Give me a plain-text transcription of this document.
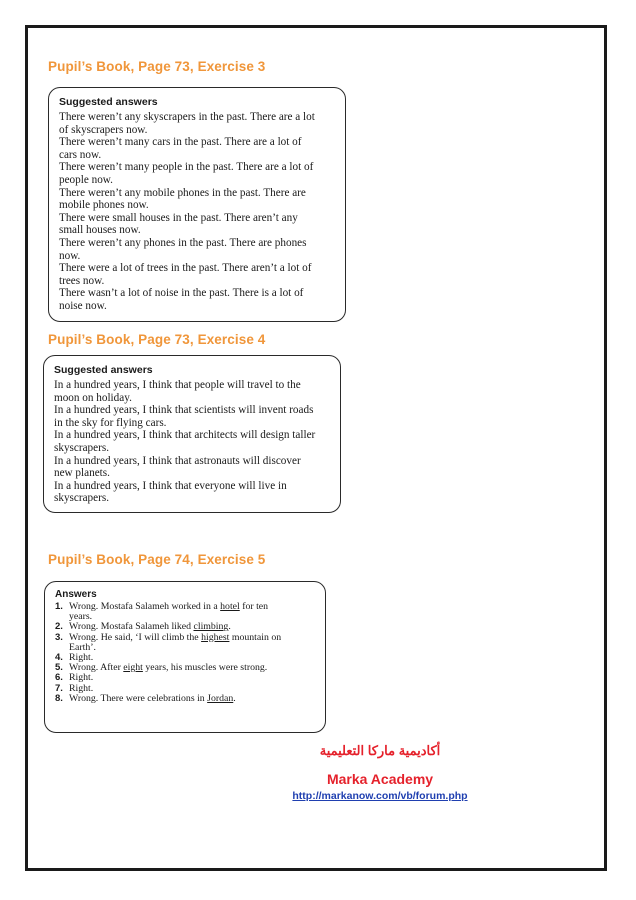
Pupil’s Book, Page 73, Exercise 3
Suggested answers
There weren’t any skyscrapers in the past. There are a lot
of skyscrapers now.
There weren’t many cars in the past. There are a lot of
cars now.
There weren’t many people in the past. There are a lot of
people now.
There weren’t any mobile phones in the past. There are
mobile phones now.
There were small houses in the past. There aren’t any
small houses now.
There weren’t any phones in the past. There are phones
now.
There were a lot of trees in the past. There aren’t a lot of
trees now.
There wasn’t a lot of noise in the past. There is a lot of
noise now.
Pupil’s Book, Page 73, Exercise 4
Suggested answers
In a hundred years, I think that people will travel to the
moon on holiday.
In a hundred years, I think that scientists will invent roads
in the sky for flying cars.
In a hundred years, I think that architects will design taller
skyscrapers.
In a hundred years, I think that astronauts will discover
new planets.
In a hundred years, I think that everyone will live in
skyscrapers.
Pupil’s Book, Page 74, Exercise 5
Answers
1. Wrong. Mostafa Salameh worked in a hotel for ten
years.
2. Wrong. Mostafa Salameh liked climbing.
3. Wrong. He said, ‘I will climb the highest mountain on
Earth’.
4. Right.
5. Wrong. After eight years, his muscles were strong.
6. Right.
7. Right.
8. Wrong. There were celebrations in Jordan.

أكاديمية ماركا التعليمية

Marka Academy

http://markanow.com/vb/forum.php
